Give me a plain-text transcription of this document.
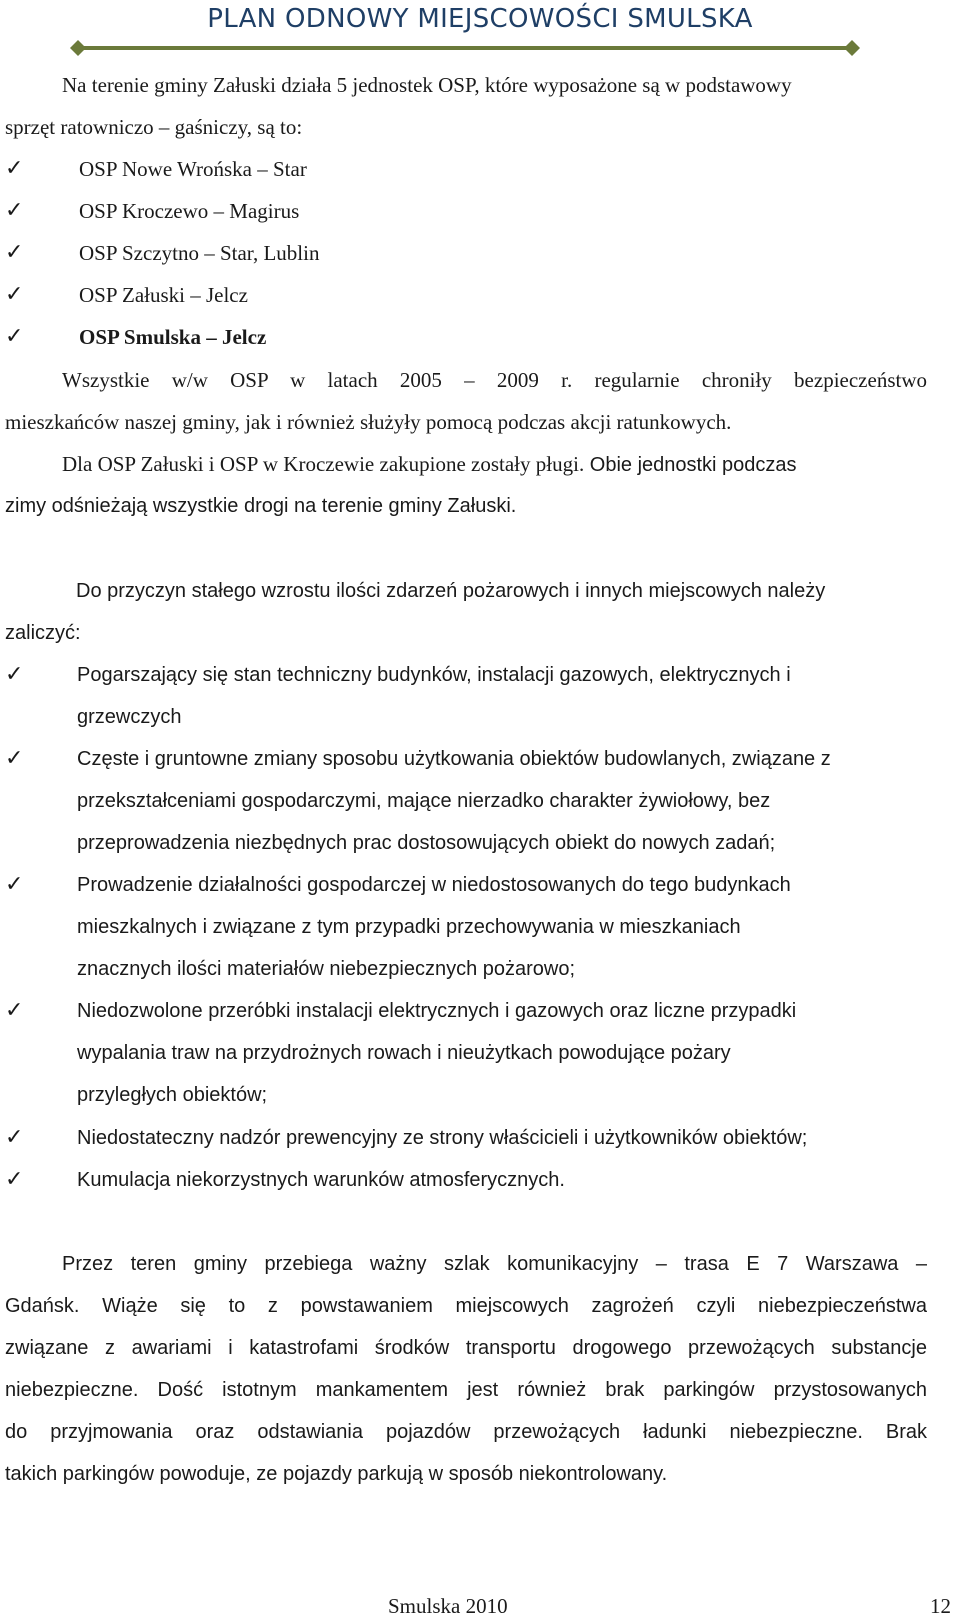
PLAN ODNOWY MIEJSCOWOŚCI SMULSKA
Na terenie gminy Załuski działa 5 jednostek OSP, które wyposażone są w podstawowy
sprzęt ratowniczo – gaśniczy, są to:
✓	OSP Nowe Wrońska – Star
✓	OSP Kroczewo – Magirus
✓	OSP Szczytno – Star, Lublin
✓	OSP Załuski – Jelcz
✓	OSP Smulska – Jelcz
Wszystkie w/w OSP w latach 2005 – 2009 r. regularnie chroniły bezpieczeństwo
mieszkańców naszej gminy, jak i również służyły pomocą podczas akcji ratunkowych.
Dla OSP Załuski i OSP w Kroczewie zakupione zostały pługi. Obie jednostki podczas
zimy odśnieżają wszystkie drogi na terenie gminy Załuski.
Do przyczyn stałego wzrostu ilości zdarzeń pożarowych i innych miejscowych należy
zaliczyć:
✓	Pogarszający się stan techniczny budynków, instalacji gazowych, elektrycznych i
grzewczych
✓	Częste i gruntowne zmiany sposobu użytkowania obiektów budowlanych, związane z
przekształceniami gospodarczymi, mające nierzadko charakter żywiołowy, bez
przeprowadzenia niezbędnych prac dostosowujących obiekt do nowych zadań;
✓	Prowadzenie działalności gospodarczej w niedostosowanych do tego budynkach
mieszkalnych i związane z tym przypadki przechowywania w mieszkaniach
znacznych ilości materiałów niebezpiecznych pożarowo;
✓	Niedozwolone przeróbki instalacji elektrycznych i gazowych oraz liczne przypadki
wypalania traw na przydrożnych rowach i nieużytkach powodujące pożary
przyległych obiektów;
✓	Niedostateczny nadzór prewencyjny ze strony właścicieli i użytkowników obiektów;
✓	Kumulacja niekorzystnych warunków atmosferycznych.
Przez teren gminy przebiega ważny szlak komunikacyjny – trasa E 7 Warszawa –
Gdańsk. Wiąże się to z powstawaniem miejscowych zagrożeń czyli niebezpieczeństwa
związane z awariami i katastrofami środków transportu drogowego przewożących substancje
niebezpieczne. Dość istotnym mankamentem jest również brak parkingów przystosowanych
do przyjmowania oraz odstawiania pojazdów przewożących ładunki niebezpieczne. Brak
takich parkingów powoduje, ze pojazdy parkują w sposób niekontrolowany.
Smulska 2010	12
